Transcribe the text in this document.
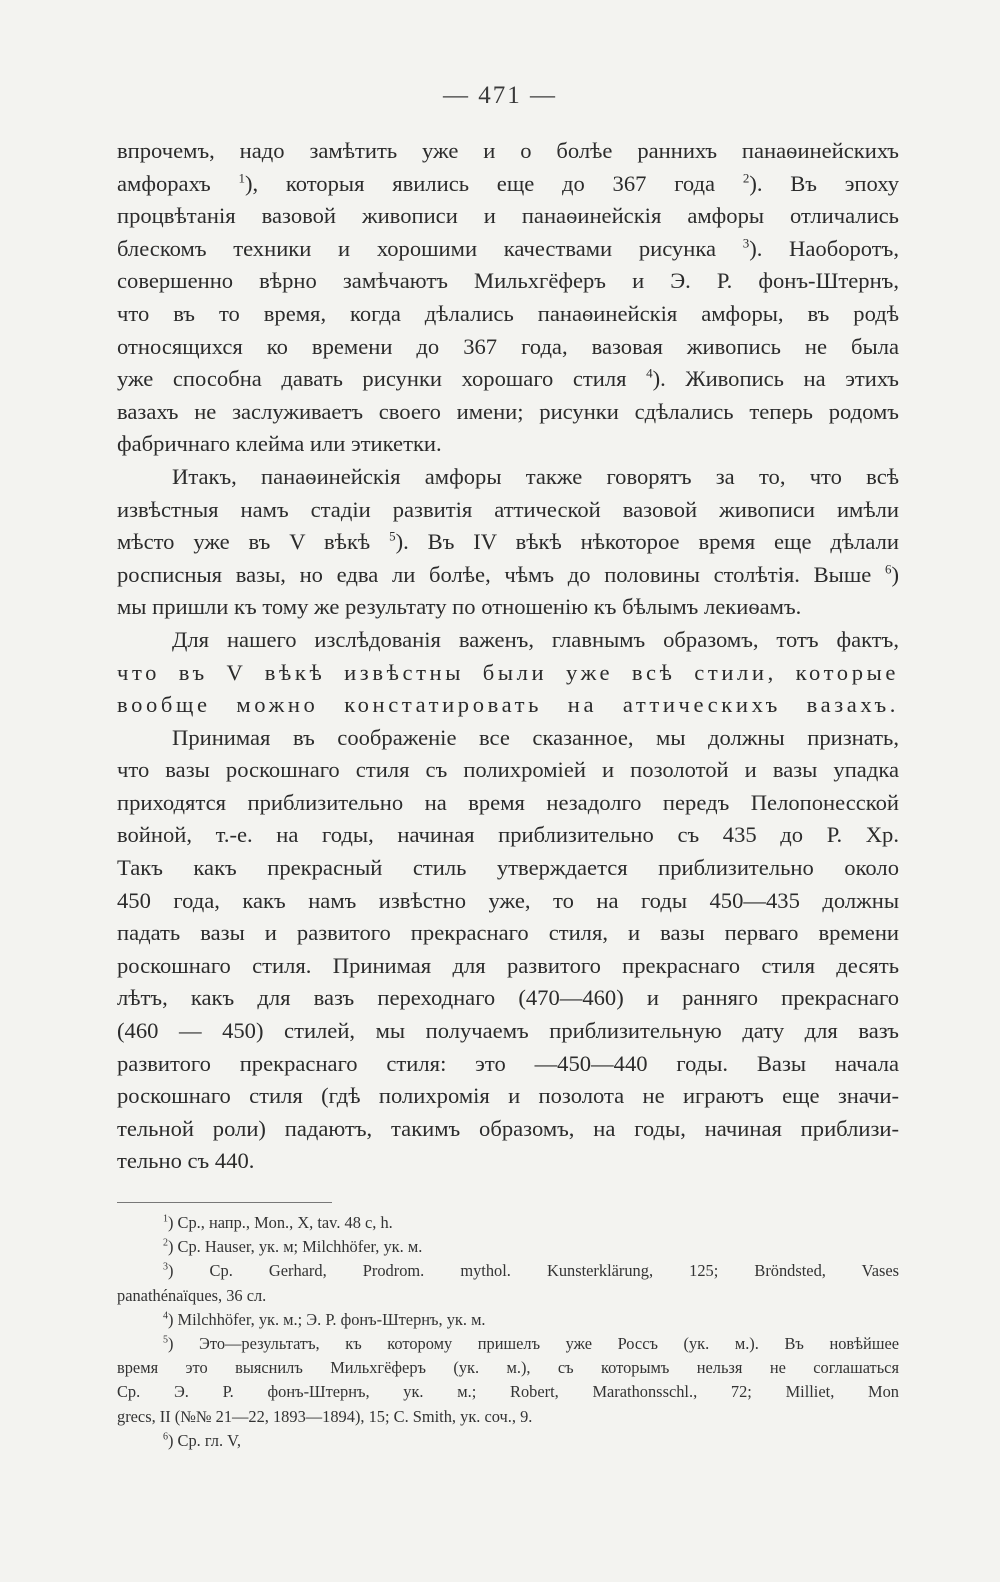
— 471 —
впрочемъ, надо замѣтить уже и о болѣе раннихъ панаѳинейскихъ
амфорахъ $^1$), которыя явились еще до 367 года $^2$). Въ эпоху
процвѣтанія вазовой живописи и панаѳинейскія амфоры отличались
блескомъ техники и хорошими качествами рисунка $^3$). Наоборотъ,
совершенно вѣрно замѣчаютъ Мильхгёферъ и Э. Р. фонъ-Штернъ,
что въ то время, когда дѣлались панаѳинейскія амфоры, въ родѣ
относящихся ко времени до 367 года, вазовая живопись не была
уже способна давать рисунки хорошаго стиля $^4$). Живопись на этихъ
вазахъ не заслуживаетъ своего имени; рисунки сдѣлались теперь родомъ
фабричнаго клейма или этикетки.
Итакъ, панаѳинейскія амфоры также говорятъ за то, что всѣ
извѣстныя намъ стадіи развитія аттической вазовой живописи имѣли
мѣсто уже въ V вѣкѣ $^5$). Въ IV вѣкѣ нѣкоторое время еще дѣлали
росписныя вазы, но едва ли болѣе, чѣмъ до половины столѣтія. Выше $^6$)
мы пришли къ тому же результату по отношенію къ бѣлымъ лекиѳамъ.
Для нашего изслѣдованія важенъ, главнымъ образомъ, тотъ фактъ,
что въ V вѣкѣ извѣстны были уже всѣ стили, которые
вообще можно констатировать на аттическихъ вазахъ.
Принимая въ соображеніе все сказанное, мы должны признать,
что вазы роскошнаго стиля съ полихроміей и позолотой и вазы упадка
приходятся приблизительно на время незадолго передъ Пелопонесской
войной, т.-е. на годы, начиная приблизительно съ 435 до Р. Хр.
Такъ какъ прекрасный стиль утверждается приблизительно около
450 года, какъ намъ извѣстно уже, то на годы 450—435 должны
падать вазы и развитого прекраснаго стиля, и вазы перваго времени
роскошнаго стиля. Принимая для развитого прекраснаго стиля десять
лѣтъ, какъ для вазъ переходнаго (470—460) и ранняго прекраснаго
(460 — 450) стилей, мы получаемъ приблизительную дату для вазъ
развитого прекраснаго стиля: это —450—440 годы. Вазы начала
роскошнаго стиля (гдѣ полихромія и позолота не играютъ еще значи-
тельной роли) падаютъ, такимъ образомъ, на годы, начиная приблизи-
тельно съ 440.
$^1$) Ср., напр., Mon., X, tav. 48 c, h.
$^2$) Ср. Hauser, ук. м; Milchhöfer, ук. м.
$^3$) Ср. Gerhard, Prodrom. mythol. Kunsterklärung, 125; Bröndsted, Vases
panathénaïques, 36 сл.
$^4$) Milchhöfer, ук. м.; Э. Р. фонъ-Штернъ, ук. м.
$^5$) Это—результатъ, къ которому пришелъ уже Россъ (ук. м.). Въ новѣйшее
время это выяснилъ Мильхгёферъ (ук. м.), съ которымъ нельзя не соглашаться
Ср. Э. Р. фонъ-Штернъ, ук. м.; Robert, Marathonsschl., 72; Milliet, Mon
grecs, II (№№ 21—22, 1893—1894), 15; C. Smith, ук. соч., 9.
$^6$) Ср. гл. V,
